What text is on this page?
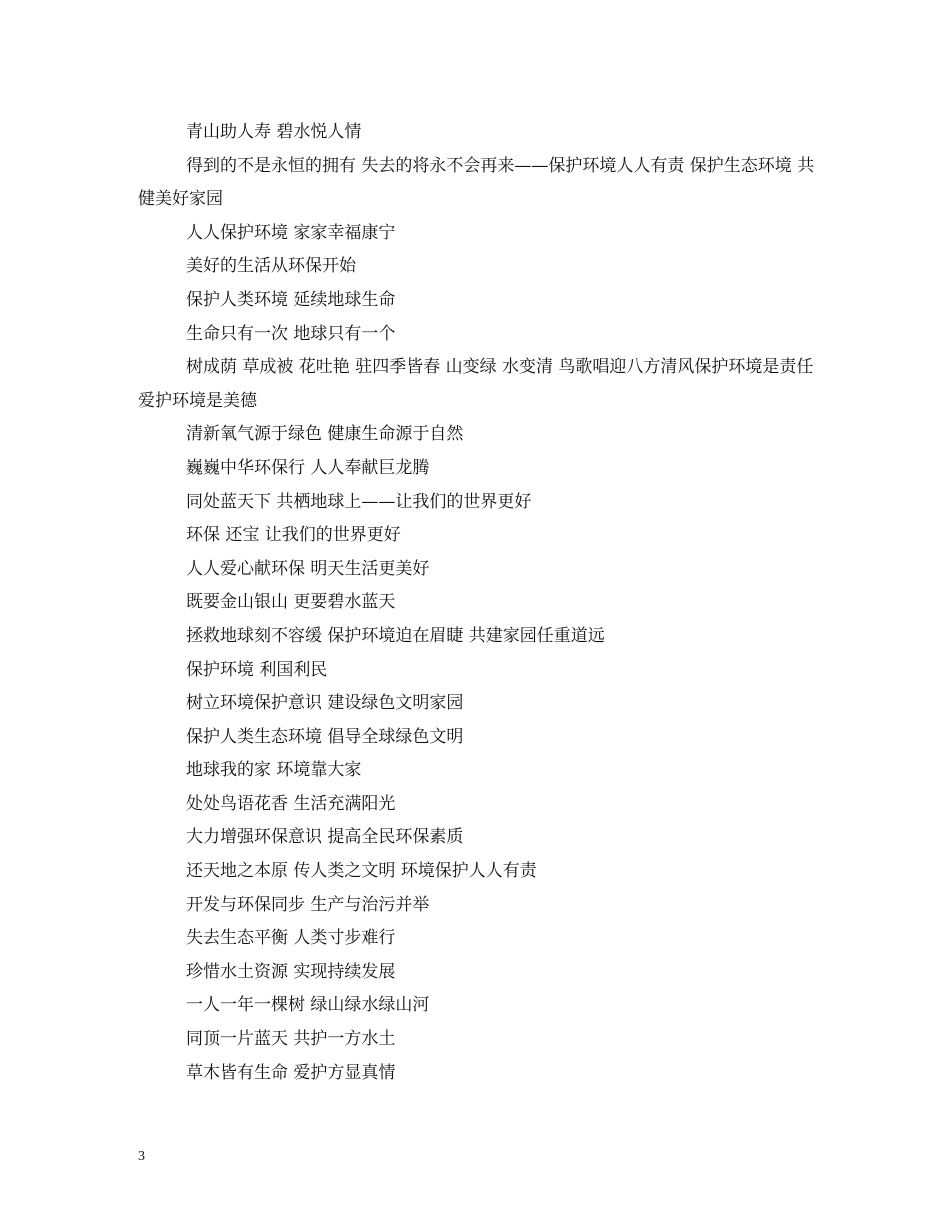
青山助人寿 碧水悦人情

得到的不是永恒的拥有 失去的将永不会再来——保护环境人人有责 保护生态环境 共健美好家园

人人保护环境 家家幸福康宁

美好的生活从环保开始

保护人类环境 延续地球生命

生命只有一次 地球只有一个

树成荫 草成被 花吐艳 驻四季皆春 山变绿 水变清 鸟歌唱迎八方清风保护环境是责任 爱护环境是美德

清新氧气源于绿色 健康生命源于自然

巍巍中华环保行 人人奉献巨龙腾

同处蓝天下 共栖地球上——让我们的世界更好

环保 还宝 让我们的世界更好

人人爱心献环保 明天生活更美好

既要金山银山 更要碧水蓝天

拯救地球刻不容缓 保护环境迫在眉睫 共建家园任重道远

保护环境 利国利民

树立环境保护意识 建设绿色文明家园

保护人类生态环境 倡导全球绿色文明

地球我的家 环境靠大家

处处鸟语花香 生活充满阳光

大力增强环保意识 提高全民环保素质

还天地之本原 传人类之文明 环境保护人人有责

开发与环保同步 生产与治污并举

失去生态平衡 人类寸步难行

珍惜水土资源 实现持续发展

一人一年一棵树 绿山绿水绿山河

同顶一片蓝天 共护一方水土

草木皆有生命 爱护方显真情

3
